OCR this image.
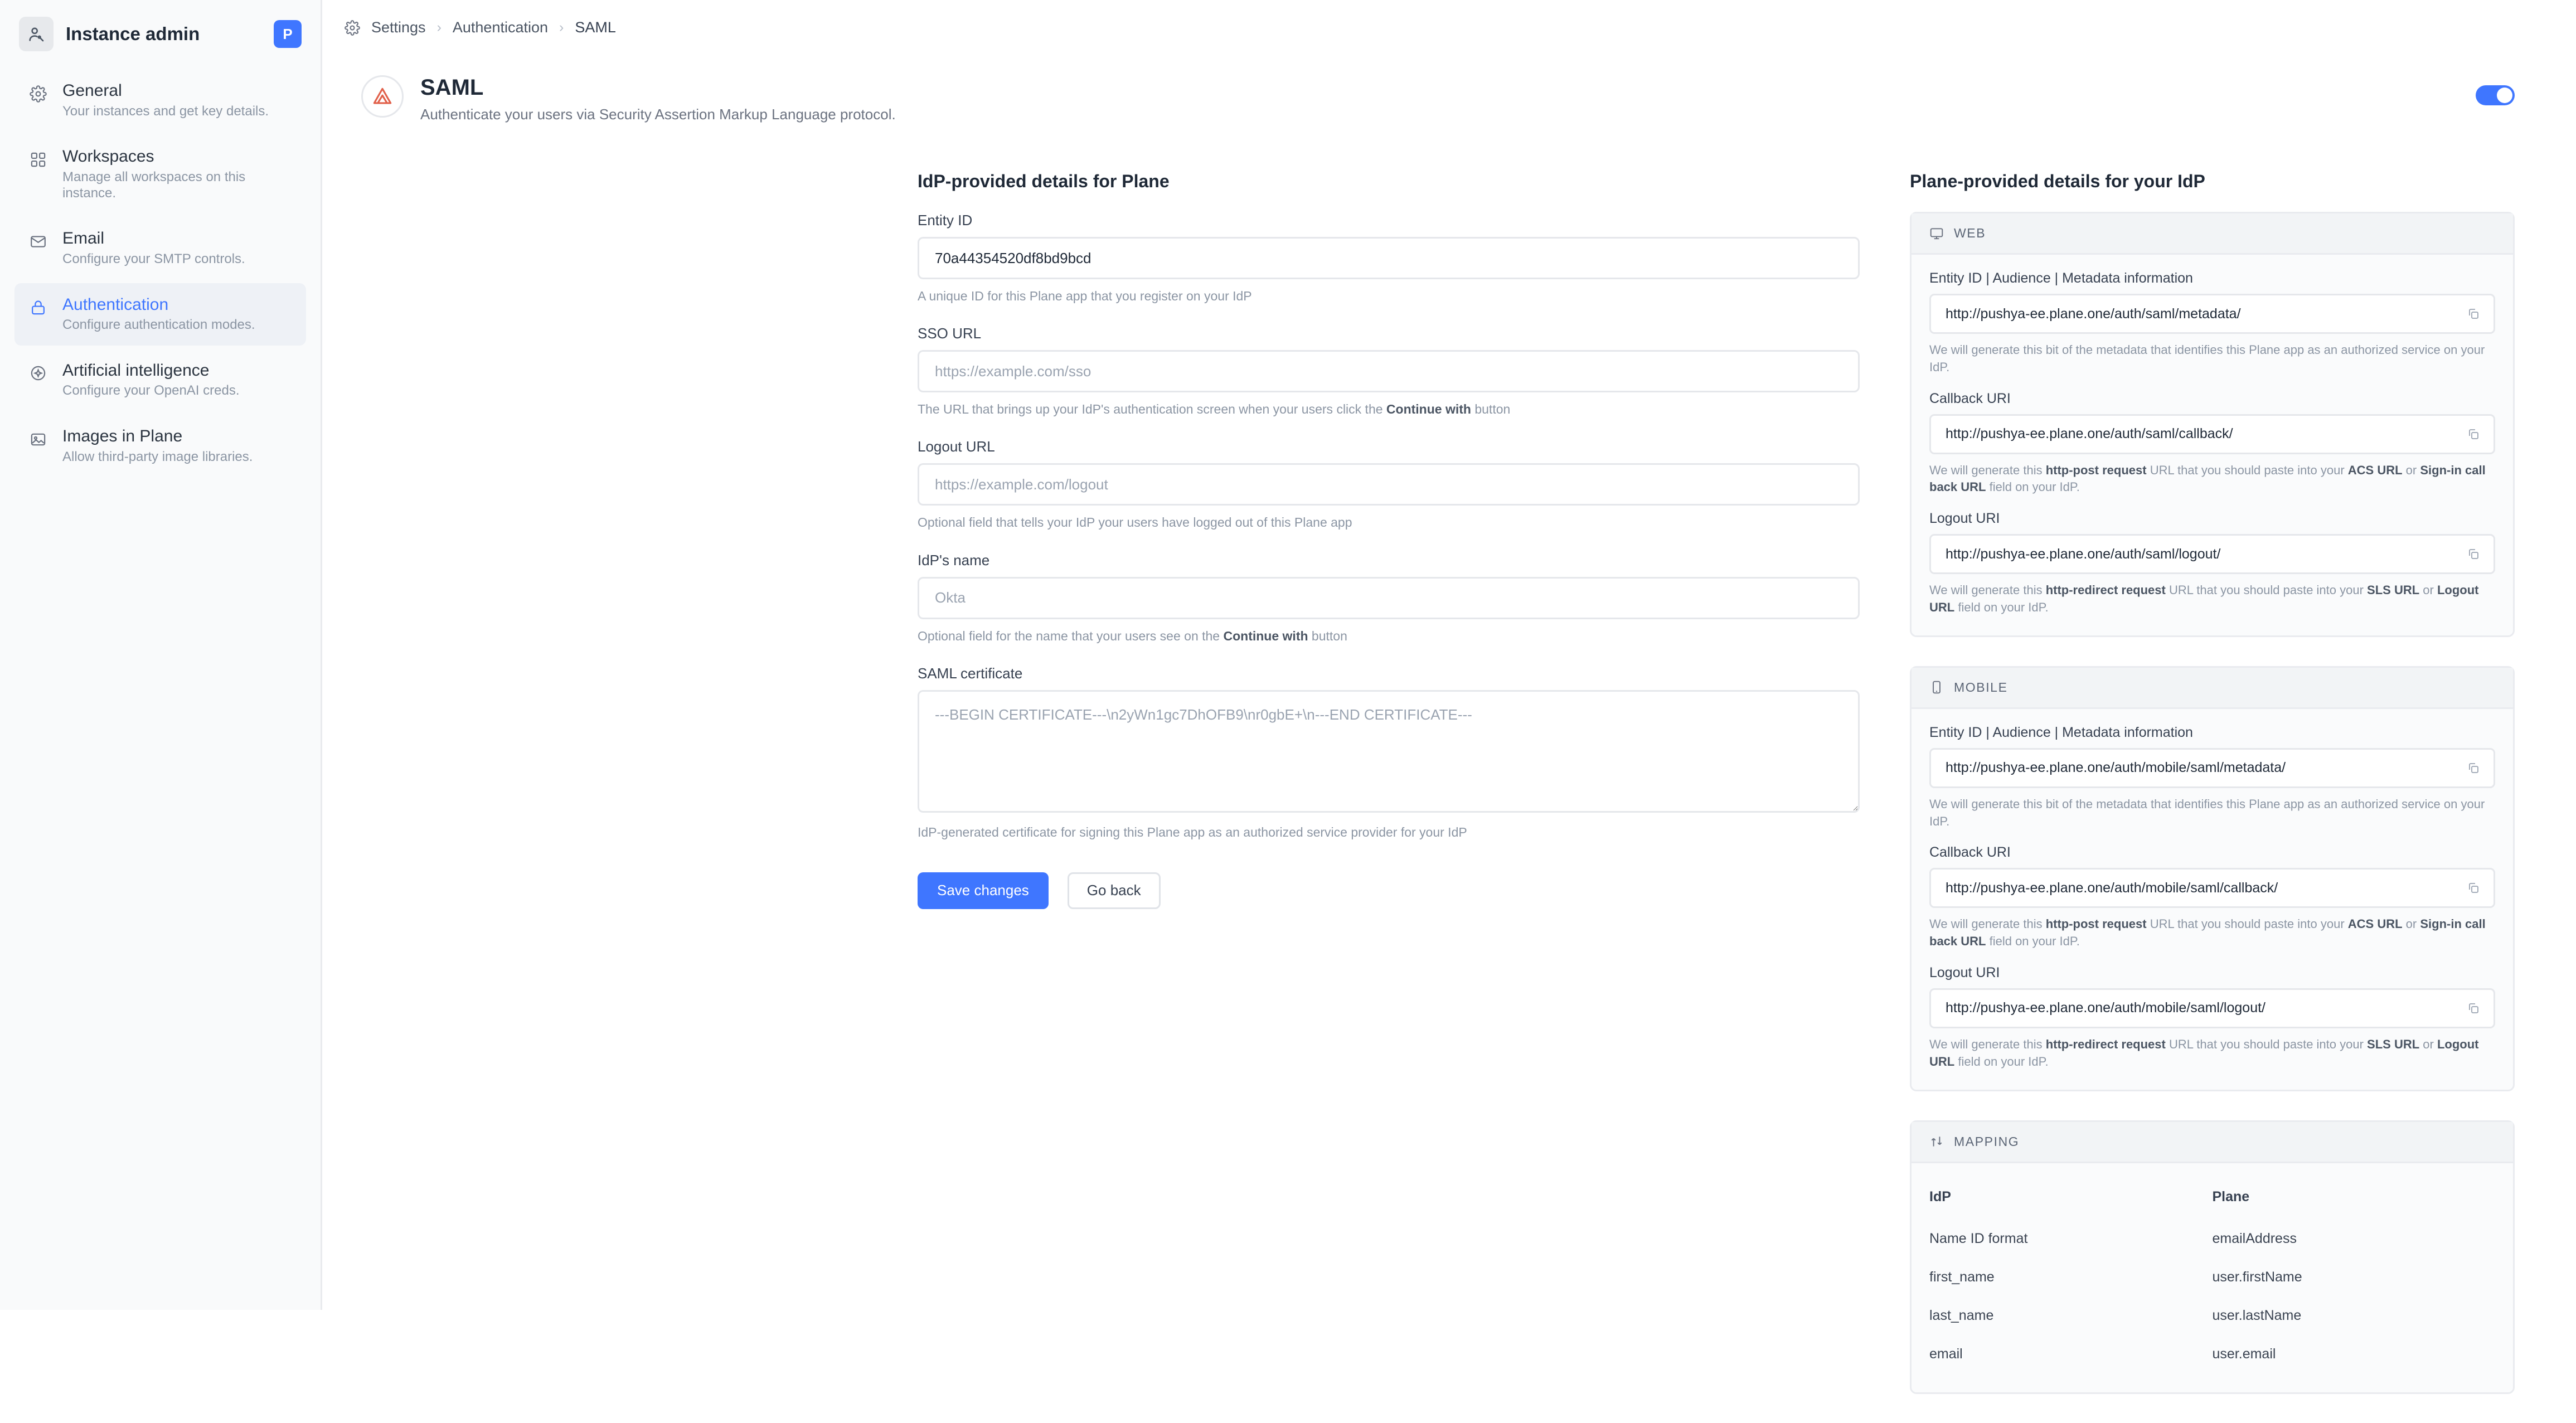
Instance admin	P
General
Your instances and get key details.
Workspaces
Manage all workspaces on this instance.
Email
Configure your SMTP controls.
Authentication
Configure authentication modes.
Artificial intelligence
Configure your OpenAI creds.
Images in Plane
Allow third-party image libraries.
Settings › Authentication › SAML
SAML
Authenticate your users via Security Assertion Markup Language protocol.
IdP-provided details for Plane
Entity ID
70a44354520df8bd9bcd
A unique ID for this Plane app that you register on your IdP
SSO URL
https://example.com/sso
The URL that brings up your IdP's authentication screen when your users click the Continue with button
Logout URL
https://example.com/logout
Optional field that tells your IdP your users have logged out of this Plane app
IdP's name
Okta
Optional field for the name that your users see on the Continue with button
SAML certificate
---BEGIN CERTIFICATE---\n2yWn1gc7DhOFB9\nr0gbE+\n---END CERTIFICATE---
IdP-generated certificate for signing this Plane app as an authorized service provider for your IdP
Save changes	Go back
Plane-provided details for your IdP
WEB
Entity ID | Audience | Metadata information
http://pushya-ee.plane.one/auth/saml/metadata/
We will generate this bit of the metadata that identifies this Plane app as an authorized service on your IdP.
Callback URI
http://pushya-ee.plane.one/auth/saml/callback/
We will generate this http-post request URL that you should paste into your ACS URL or Sign-in call back URL field on your IdP.
Logout URI
http://pushya-ee.plane.one/auth/saml/logout/
We will generate this http-redirect request URL that you should paste into your SLS URL or Logout URL field on your IdP.
MOBILE
Entity ID | Audience | Metadata information
http://pushya-ee.plane.one/auth/mobile/saml/metadata/
We will generate this bit of the metadata that identifies this Plane app as an authorized service on your IdP.
Callback URI
http://pushya-ee.plane.one/auth/mobile/saml/callback/
We will generate this http-post request URL that you should paste into your ACS URL or Sign-in call back URL field on your IdP.
Logout URI
http://pushya-ee.plane.one/auth/mobile/saml/logout/
We will generate this http-redirect request URL that you should paste into your SLS URL or Logout URL field on your IdP.
MAPPING
IdP	Plane
Name ID format	emailAddress
first_name	user.firstName
last_name	user.lastName
email	user.email
